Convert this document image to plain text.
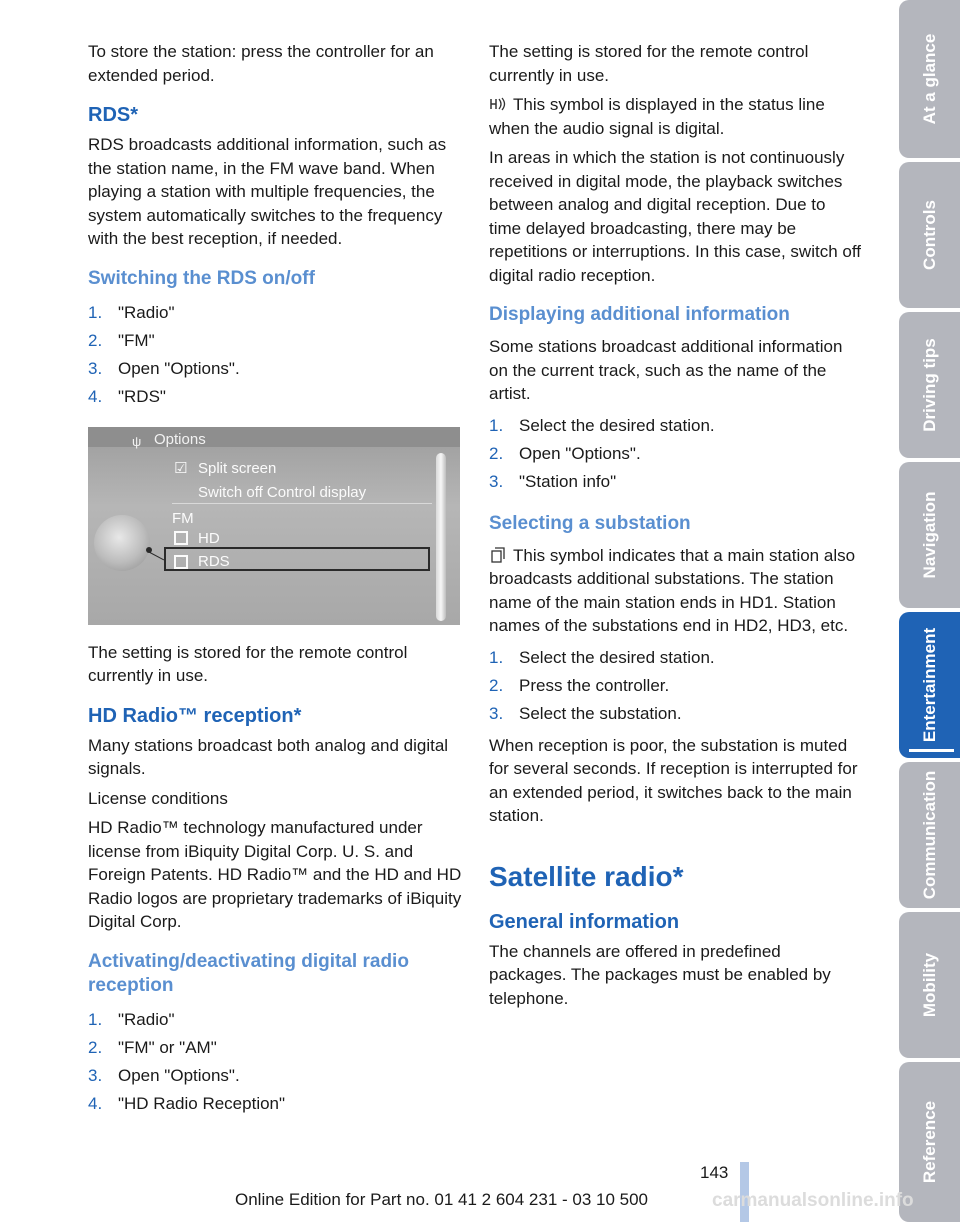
To store the station: press the controller for an extended period.

RDS*

RDS broadcasts additional information, such as the station name, in the FM wave band. When playing a station with multiple frequencies, the system automatically switches to the frequency with the best reception, if needed.

Switching the RDS on/off
1. "Radio"
2. "FM"
3. Open "Options".
4. "RDS"
ψ Options
☑ Split screen
Switch off Control display
FM
HD
RDS

The setting is stored for the remote control currently in use.

HD Radio™ reception*

Many stations broadcast both analog and digital signals.

License conditions

HD Radio™ technology manufactured under license from iBiquity Digital Corp. U. S. and Foreign Patents. HD Radio™ and the HD and HD Radio logos are proprietary trademarks of iBiquity Digital Corp.

Activating/deactivating digital radio reception
1. "Radio"
2. "FM" or "AM"
3. Open "Options".
4. "HD Radio Reception"

The setting is stored for the remote control currently in use.

This symbol is displayed in the status line when the audio signal is digital.

In areas in which the station is not continuously received in digital mode, the playback switches between analog and digital reception. Due to time delayed broadcasting, there may be repetitions or interruptions. In this case, switch off digital radio reception.

Displaying additional information

Some stations broadcast additional information on the current track, such as the name of the artist.

1. Select the desired station.
2. Open "Options".
3. "Station info"
Selecting a substation

This symbol indicates that a main station also broadcasts additional substations. The station name of the main station ends in HD1. Station names of the substations end in HD2, HD3, etc.

1. Select the desired station.
2. Press the controller.
3. Select the substation.

When reception is poor, the substation is muted for several seconds. If reception is interrupted for an extended period, it switches back to the main station.

Satellite radio*
General information

The channels are offered in predefined packages. The packages must be enabled by telephone.

At a glance
Controls
Driving tips
Navigation
Entertainment
Communication
Mobility
Reference
143
carmanualsonline.info
Online Edition for Part no. 01 41 2 604 231 - 03 10 500
